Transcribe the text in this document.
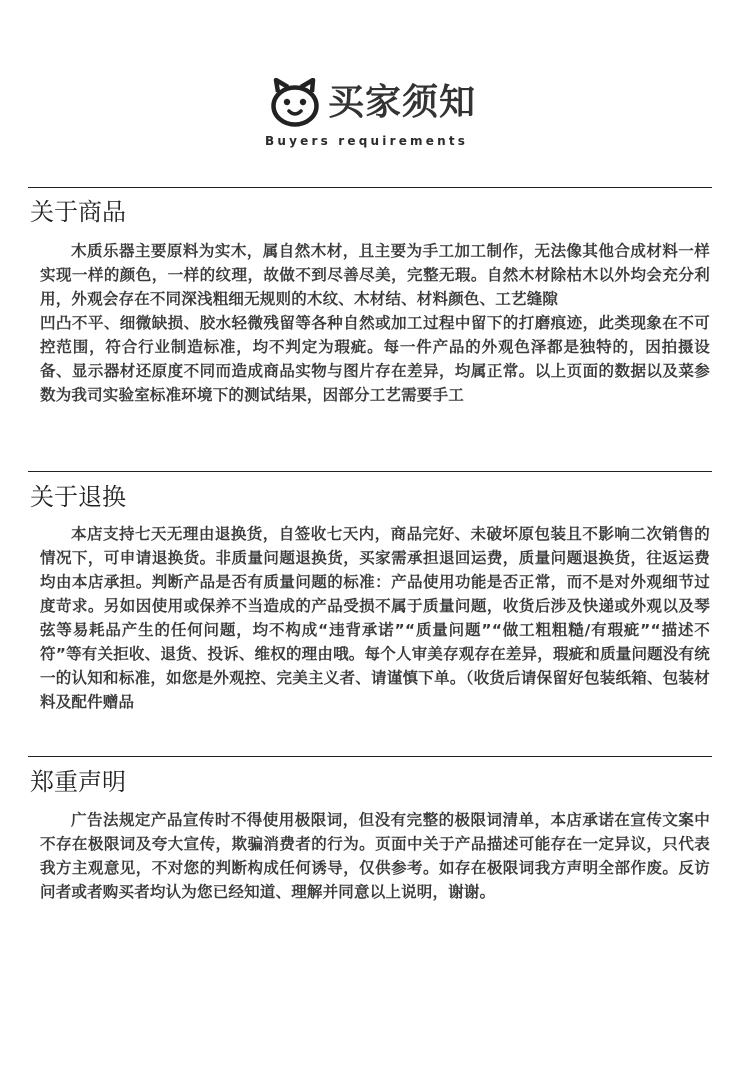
买家须知
Buyers requirements
关于商品

木质乐器主要原料为实木，属自然木材，且主要为手工加工制作，无法像其他合成材料一样实现一样的颜色，一样的纹理，故做不到尽善尽美，完整无瑕。自然木材除枯木以外均会充分利用，外观会存在不同深浅粗细无规则的木纹、木材结、材料颜色、工艺缝隙

凹凸不平、细微缺损、胶水轻微残留等各种自然或加工过程中留下的打磨痕迹，此类现象在不可控范围，符合行业制造标准，均不判定为瑕疵。每一件产品的外观色泽都是独特的，因拍摄设备、显示器材还原度不同而造成商品实物与图片存在差异，均属正常。以上页面的数据以及菜参数为我司实验室标准环境下的测试结果，因部分工艺需要手工

关于退换

本店支持七天无理由退换货，自签收七天内，商品完好、未破坏原包装且不影响二次销售的情况下，可申请退换货。非质量问题退换货，买家需承担退回运费，质量问题退换货，往返运费均由本店承担。判断产品是否有质量问题的标准：产品使用功能是否正常，而不是对外观细节过度苛求。另如因使用或保养不当造成的产品受损不属于质量问题，收货后涉及快递或外观以及琴弦等易耗品产生的任何问题，均不构成“违背承诺”“质量问题”“做工粗粗糙/有瑕疵”“描述不符”等有关拒收、退货、投诉、维权的理由哦。每个人审美存观存在差异，瑕疵和质量问题没有统一的认知和标准，如您是外观控、完美主义者、请谨慎下单。（收货后请保留好包装纸箱、包装材料及配件赠品

郑重声明

广告法规定产品宣传时不得使用极限词，但没有完整的极限词清单，本店承诺在宣传文案中不存在极限词及夸大宣传，欺骗消费者的行为。页面中关于产品描述可能存在一定异议，只代表我方主观意见，不对您的判断构成任何诱导，仅供参考。如存在极限词我方声明全部作废。反访问者或者购买者均认为您已经知道、理解并同意以上说明，谢谢。
